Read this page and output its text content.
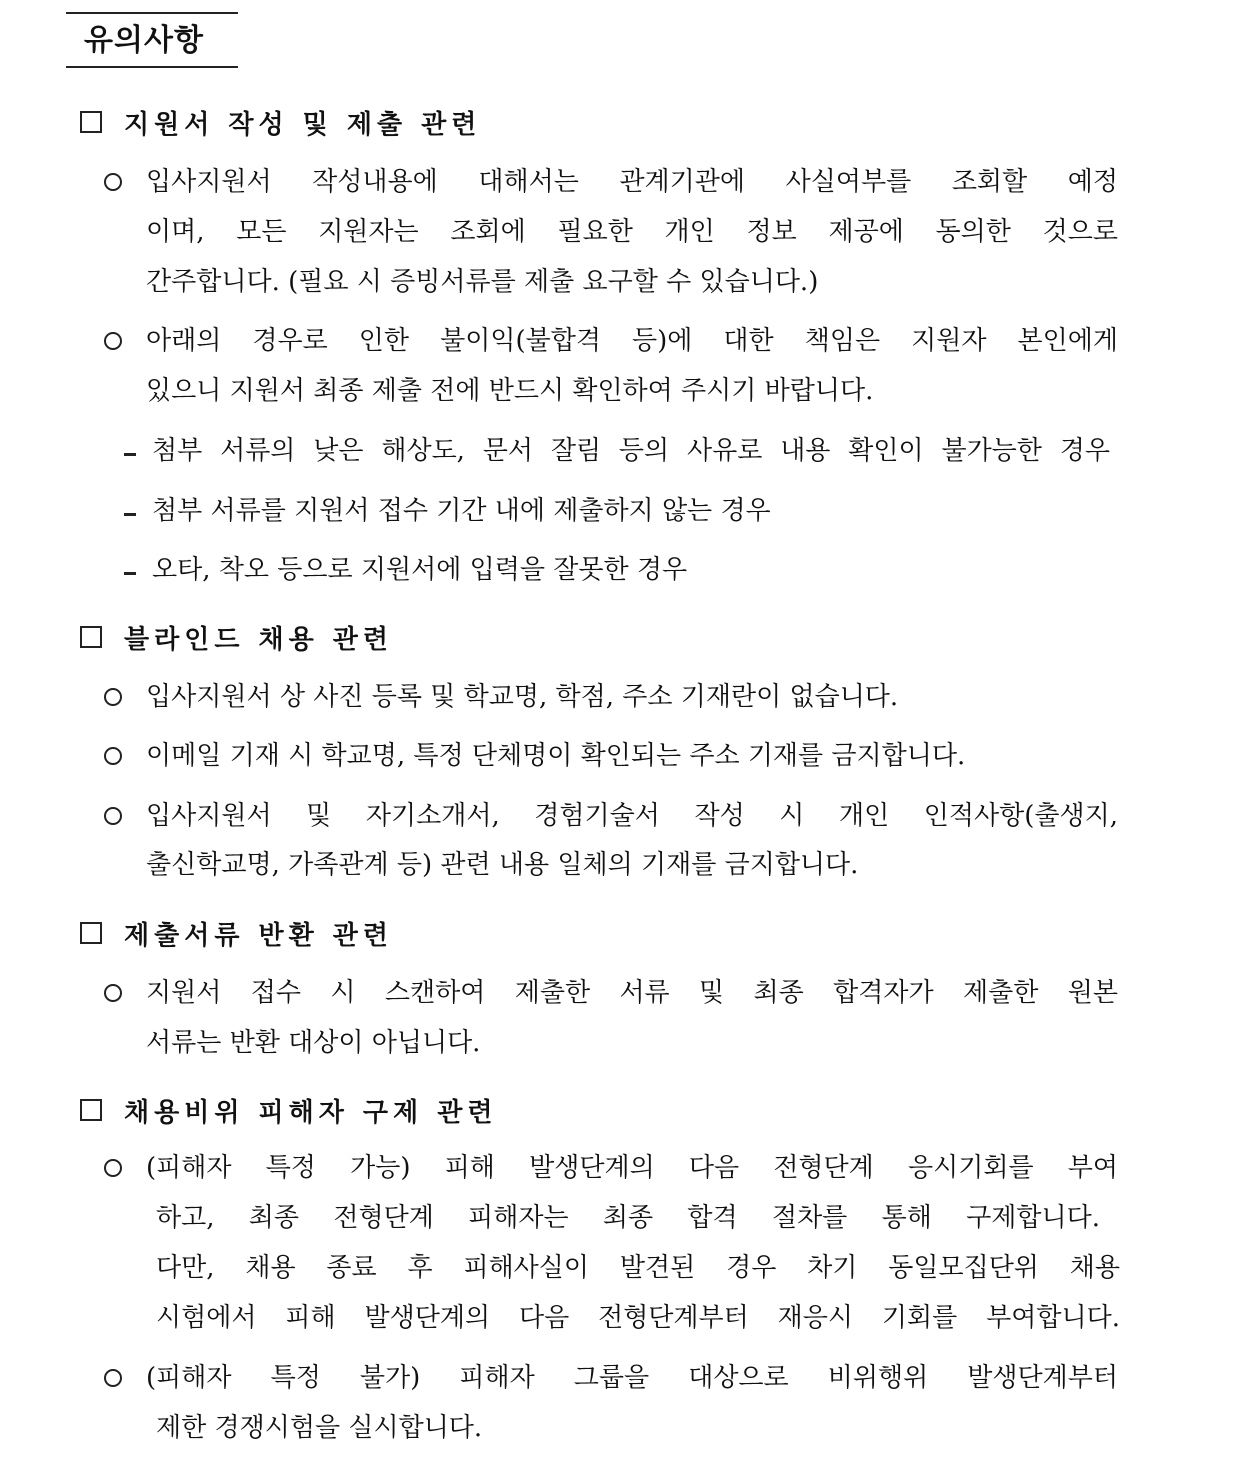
유의사항
지원서 작성 및 제출 관련
입사지원서 작성내용에 대해서는 관계기관에 사실여부를 조회할 예정
이며, 모든 지원자는 조회에 필요한 개인 정보 제공에 동의한 것으로
간주합니다. (필요 시 증빙서류를 제출 요구할 수 있습니다.)
아래의 경우로 인한 불이익(불합격 등)에 대한 책임은 지원자 본인에게
있으니 지원서 최종 제출 전에 반드시 확인하여 주시기 바랍니다.
첨부 서류의 낮은 해상도, 문서 잘림 등의 사유로 내용 확인이 불가능한 경우
첨부 서류를 지원서 접수 기간 내에 제출하지 않는 경우
오타, 착오 등으로 지원서에 입력을 잘못한 경우
블라인드 채용 관련
입사지원서 상 사진 등록 및 학교명, 학점, 주소 기재란이 없습니다.
이메일 기재 시 학교명, 특정 단체명이 확인되는 주소 기재를 금지합니다.
입사지원서 및 자기소개서, 경험기술서 작성 시 개인 인적사항(출생지,
출신학교명, 가족관계 등) 관련 내용 일체의 기재를 금지합니다.
제출서류 반환 관련
지원서 접수 시 스캔하여 제출한 서류 및 최종 합격자가 제출한 원본
서류는 반환 대상이 아닙니다.
채용비위 피해자 구제 관련
(피해자 특정 가능) 피해 발생단계의 다음 전형단계 응시기회를 부여
하고, 최종 전형단계 피해자는 최종 합격 절차를 통해 구제합니다.
다만, 채용 종료 후 피해사실이 발견된 경우 차기 동일모집단위 채용
시험에서 피해 발생단계의 다음 전형단계부터 재응시 기회를 부여합니다.
(피해자 특정 불가) 피해자 그룹을 대상으로 비위행위 발생단계부터
제한 경쟁시험을 실시합니다.
